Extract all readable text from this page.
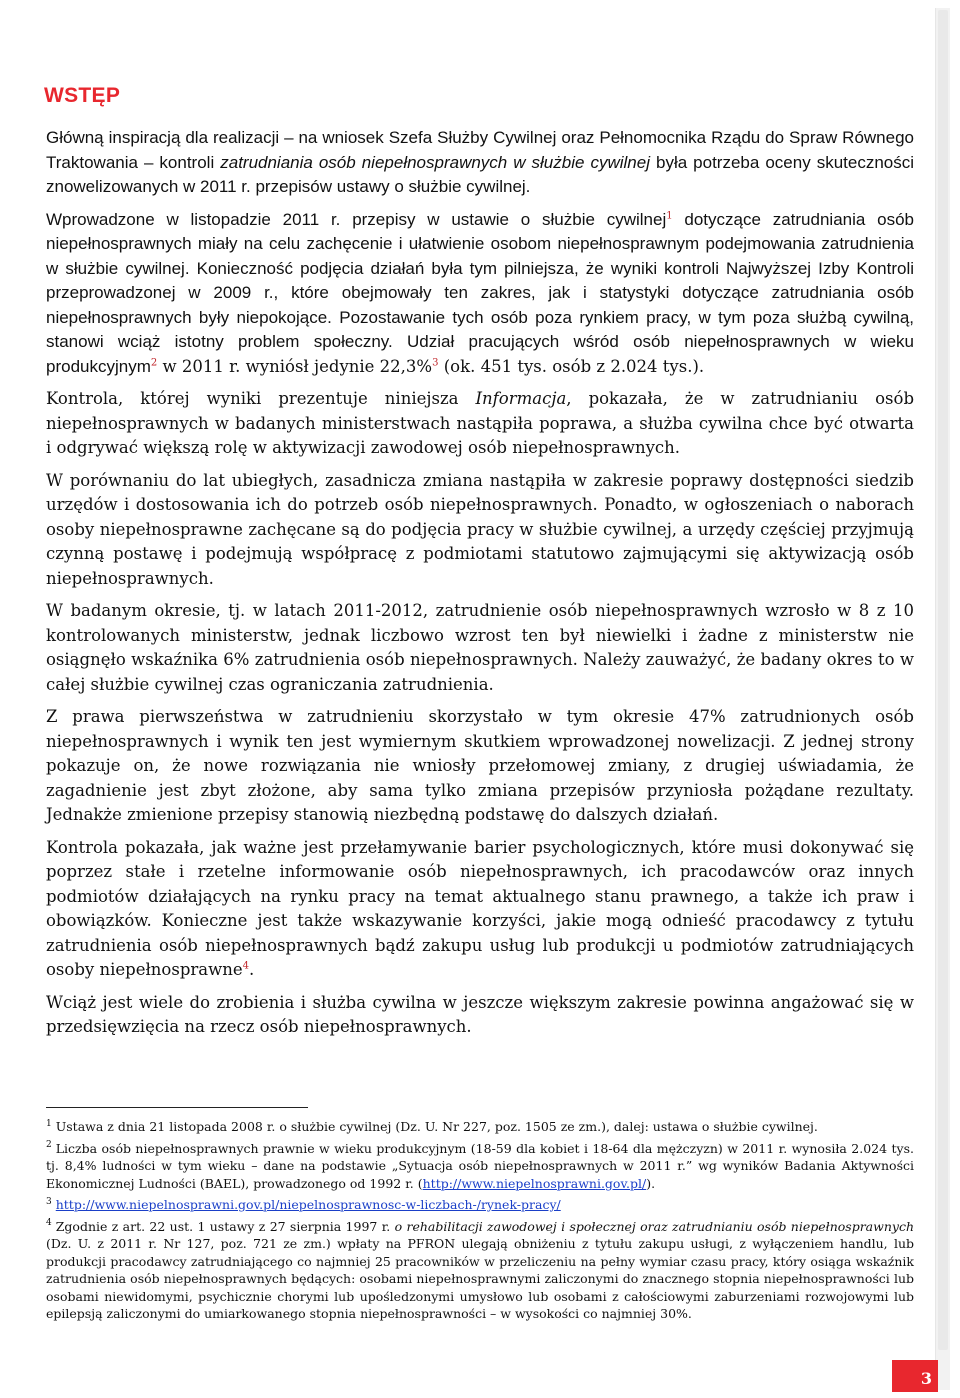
WSTĘP

Główną inspiracją dla realizacji – na wniosek Szefa Służby Cywilnej oraz Pełnomocnika Rządu do Spraw Równego Traktowania – kontroli zatrudniania osób niepełnosprawnych w służbie cywilnej była potrzeba oceny skuteczności znowelizowanych w 2011 r. przepisów ustawy o służbie cywilnej.

Wprowadzone w listopadzie 2011 r. przepisy w ustawie o służbie cywilnej$^1$ dotyczące zatrudniania osób niepełnosprawnych miały na celu zachęcenie i ułatwienie osobom niepełnosprawnym podejmowania zatrudnienia w służbie cywilnej. Konieczność podjęcia działań była tym pilniejsza, że wyniki kontroli Najwyższej Izby Kontroli przeprowadzonej w 2009 r., które obejmowały ten zakres, jak i statystyki dotyczące zatrudniania osób niepełnosprawnych były niepokojące. Pozostawanie tych osób poza rynkiem pracy, w tym poza służbą cywilną, stanowi wciąż istotny problem społeczny. Udział pracujących wśród osób niepełnosprawnych w wieku produkcyjnym$^2$ w 2011 r. wyniósł jedynie 22,3%$^3$ (ok. 451 tys. osób z 2.024 tys.).

Kontrola, której wyniki prezentuje niniejsza Informacja, pokazała, że w zatrudnianiu osób niepełnosprawnych w badanych ministerstwach nastąpiła poprawa, a służba cywilna chce być otwarta i odgrywać większą rolę w aktywizacji zawodowej osób niepełnosprawnych.

W porównaniu do lat ubiegłych, zasadnicza zmiana nastąpiła w zakresie poprawy dostępności siedzib urzędów i dostosowania ich do potrzeb osób niepełnosprawnych. Ponadto, w ogłoszeniach o naborach osoby niepełnosprawne zachęcane są do podjęcia pracy w służbie cywilnej, a urzędy częściej przyjmują czynną postawę i podejmują współpracę z podmiotami statutowo zajmującymi się aktywizacją osób niepełnosprawnych.

W badanym okresie, tj. w latach 2011-2012, zatrudnienie osób niepełnosprawnych wzrosło w 8 z 10 kontrolowanych ministerstw, jednak liczbowo wzrost ten był niewielki i żadne z ministerstw nie osiągnęło wskaźnika 6% zatrudnienia osób niepełnosprawnych. Należy zauważyć, że badany okres to w całej służbie cywilnej czas ograniczania zatrudnienia.

Z prawa pierwszeństwa w zatrudnieniu skorzystało w tym okresie 47% zatrudnionych osób niepełnosprawnych i wynik ten jest wymiernym skutkiem wprowadzonej nowelizacji. Z jednej strony pokazuje on, że nowe rozwiązania nie wniosły przełomowej zmiany, z drugiej uświadamia, że zagadnienie jest zbyt złożone, aby sama tylko zmiana przepisów przyniosła pożądane rezultaty. Jednakże zmienione przepisy stanowią niezbędną podstawę do dalszych działań.

Kontrola pokazała, jak ważne jest przełamywanie barier psychologicznych, które musi dokonywać się poprzez stałe i rzetelne informowanie osób niepełnosprawnych, ich pracodawców oraz innych podmiotów działających na rynku pracy na temat aktualnego stanu prawnego, a także ich praw i obowiązków. Konieczne jest także wskazywanie korzyści, jakie mogą odnieść pracodawcy z tytułu zatrudnienia osób niepełnosprawnych bądź zakupu usług lub produkcji u podmiotów zatrudniających osoby niepełnosprawne$^4$.

Wciąż jest wiele do zrobienia i służba cywilna w jeszcze większym zakresie powinna angażować się w przedsięwzięcia na rzecz osób niepełnosprawnych.

$^1$ Ustawa z dnia 21 listopada 2008 r. o służbie cywilnej (Dz. U. Nr 227, poz. 1505 ze zm.), dalej: ustawa o służbie cywilnej.
$^2$ Liczba osób niepełnosprawnych prawnie w wieku produkcyjnym (18-59 dla kobiet i 18-64 dla mężczyzn) w 2011 r. wynosiła 2.024 tys. tj. 8,4% ludności w tym wieku – dane na podstawie „Sytuacja osób niepełnosprawnych w 2011 r.” wg wyników Badania Aktywności Ekonomicznej Ludności (BAEL), prowadzonego od 1992 r. (http://www.niepelnosprawni.gov.pl/).
$^3$ http://www.niepelnosprawni.gov.pl/niepelnosprawnosc-w-liczbach-/rynek-pracy/
$^4$ Zgodnie z art. 22 ust. 1 ustawy z 27 sierpnia 1997 r. o rehabilitacji zawodowej i społecznej oraz zatrudnianiu osób niepełnosprawnych (Dz. U. z 2011 r. Nr 127, poz. 721 ze zm.) wpłaty na PFRON ulegają obniżeniu z tytułu zakupu usługi, z wyłączeniem handlu, lub produkcji pracodawcy zatrudniającego co najmniej 25 pracowników w przeliczeniu na pełny wymiar czasu pracy, który osiąga wskaźnik zatrudnienia osób niepełnosprawnych będących: osobami niepełnosprawnymi zaliczonymi do znacznego stopnia niepełnosprawności lub osobami niewidomymi, psychicznie chorymi lub upośledzonymi umysłowo lub osobami z całościowymi zaburzeniami rozwojowymi lub epilepsją zaliczonymi do umiarkowanego stopnia niepełnosprawności – w wysokości co najmniej 30%.
3
